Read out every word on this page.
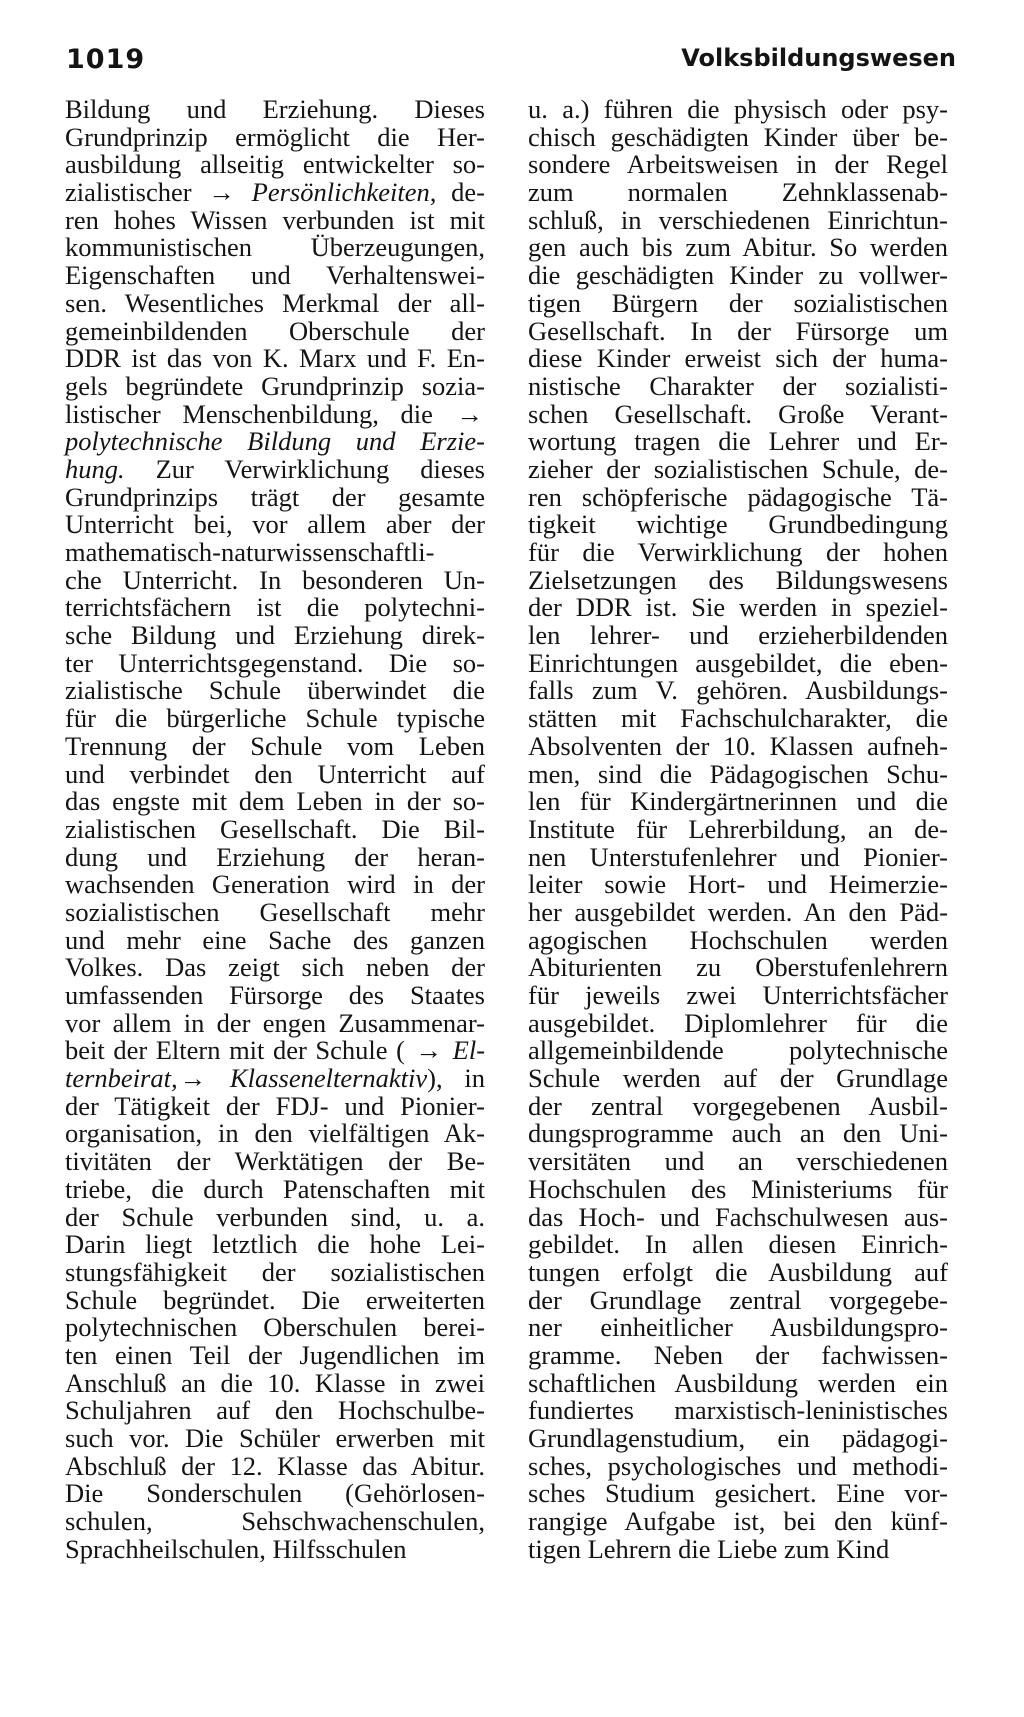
1019	Volksbildungswesen
Bildung und Erziehung. Dieses
Grundprinzip ermöglicht die Her-
ausbildung allseitig entwickelter so-
zialistischer → Persönlichkeiten, de-
ren hohes Wissen verbunden ist mit
kommunistischen Überzeugungen,
Eigenschaften und Verhaltenswei-
sen. Wesentliches Merkmal der all-
gemeinbildenden Oberschule der
DDR ist das von K. Marx und F. En-
gels begründete Grundprinzip sozia-
listischer Menschenbildung, die →
polytechnische Bildung und Erzie-
hung. Zur Verwirklichung dieses
Grundprinzips trägt der gesamte
Unterricht bei, vor allem aber der
mathematisch-naturwissenschaftli-
che Unterricht. In besonderen Un-
terrichtsfächern ist die polytechni-
sche Bildung und Erziehung direk-
ter Unterrichtsgegenstand. Die so-
zialistische Schule überwindet die
für die bürgerliche Schule typische
Trennung der Schule vom Leben
und verbindet den Unterricht auf
das engste mit dem Leben in der so-
zialistischen Gesellschaft. Die Bil-
dung und Erziehung der heran-
wachsenden Generation wird in der
sozialistischen Gesellschaft mehr
und mehr eine Sache des ganzen
Volkes. Das zeigt sich neben der
umfassenden Fürsorge des Staates
vor allem in der engen Zusammenar-
beit der Eltern mit der Schule ( → El-
ternbeirat,→ Klassenelternaktiv), in
der Tätigkeit der FDJ- und Pionier-
organisation, in den vielfältigen Ak-
tivitäten der Werktätigen der Be-
triebe, die durch Patenschaften mit
der Schule verbunden sind, u. a.
Darin liegt letztlich die hohe Lei-
stungsfähigkeit der sozialistischen
Schule begründet. Die erweiterten
polytechnischen Oberschulen berei-
ten einen Teil der Jugendlichen im
Anschluß an die 10. Klasse in zwei
Schuljahren auf den Hochschulbe-
such vor. Die Schüler erwerben mit
Abschluß der 12. Klasse das Abitur.
Die Sonderschulen (Gehörlosen-
schulen, Sehschwachenschulen,
Sprachheilschulen, Hilfsschulen
u. a.) führen die physisch oder psy-
chisch geschädigten Kinder über be-
sondere Arbeitsweisen in der Regel
zum normalen Zehnklassenab-
schluß, in verschiedenen Einrichtun-
gen auch bis zum Abitur. So werden
die geschädigten Kinder zu vollwer-
tigen Bürgern der sozialistischen
Gesellschaft. In der Fürsorge um
diese Kinder erweist sich der huma-
nistische Charakter der sozialisti-
schen Gesellschaft. Große Verant-
wortung tragen die Lehrer und Er-
zieher der sozialistischen Schule, de-
ren schöpferische pädagogische Tä-
tigkeit wichtige Grundbedingung
für die Verwirklichung der hohen
Zielsetzungen des Bildungswesens
der DDR ist. Sie werden in speziel-
len lehrer- und erzieherbildenden
Einrichtungen ausgebildet, die eben-
falls zum V. gehören. Ausbildungs-
stätten mit Fachschulcharakter, die
Absolventen der 10. Klassen aufneh-
men, sind die Pädagogischen Schu-
len für Kindergärtnerinnen und die
Institute für Lehrerbildung, an de-
nen Unterstufenlehrer und Pionier-
leiter sowie Hort- und Heimerzie-
her ausgebildet werden. An den Päd-
agogischen Hochschulen werden
Abiturienten zu Oberstufenlehrern
für jeweils zwei Unterrichtsfächer
ausgebildet. Diplomlehrer für die
allgemeinbildende polytechnische
Schule werden auf der Grundlage
der zentral vorgegebenen Ausbil-
dungsprogramme auch an den Uni-
versitäten und an verschiedenen
Hochschulen des Ministeriums für
das Hoch- und Fachschulwesen aus-
gebildet. In allen diesen Einrich-
tungen erfolgt die Ausbildung auf
der Grundlage zentral vorgegebe-
ner einheitlicher Ausbildungspro-
gramme. Neben der fachwissen-
schaftlichen Ausbildung werden ein
fundiertes marxistisch-leninistisches
Grundlagenstudium, ein pädagogi-
sches, psychologisches und methodi-
sches Studium gesichert. Eine vor-
rangige Aufgabe ist, bei den künf-
tigen Lehrern die Liebe zum Kind
